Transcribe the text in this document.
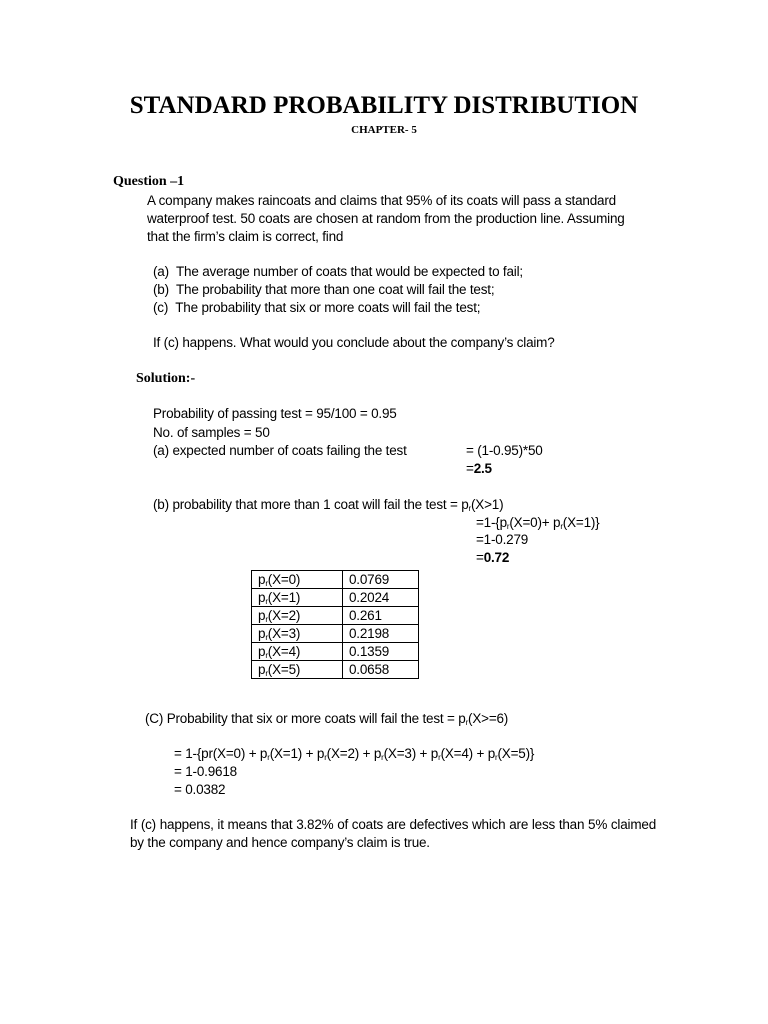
STANDARD PROBABILITY DISTRIBUTION
CHAPTER- 5
Question –1
A company makes raincoats and claims that 95% of its coats will pass a standard
waterproof test. 50 coats are chosen at random from the production line. Assuming
that the firm’s claim is correct, find
(a) The average number of coats that would be expected to fail;
(b) The probability that more than one coat will fail the test;
(c) The probability that six or more coats will fail the test;
If (c) happens. What would you conclude about the company’s claim?
Solution:-
Probability of passing test = 95/100 = 0.95
No. of samples = 50
(a) expected number of coats failing the test	= (1-0.95)*50
=2.5
(b) probability that more than 1 coat will fail the test = $p_r(X>1)$
$=1-\{p_r(X=0)+ p_r(X=1)\}$
=1-0.279
=0.72
$p_r(X=0)$	0.0769
$p_r(X=1)$	0.2024
$p_r(X=2)$	0.261
$p_r(X=3)$	0.2198
$p_r(X=4)$	0.1359
$p_r(X=5)$	0.0658
(C) Probability that six or more coats will fail the test = $p_r(X>=6)$
= $1-\{pr(X=0) + p_r(X=1) + p_r(X=2) + p_r(X=3) + p_r(X=4) + p_r(X=5)\}$
= 1-0.9618
= 0.0382
If (c) happens, it means that 3.82% of coats are defectives which are less than 5% claimed by the company and hence company’s claim is true.
